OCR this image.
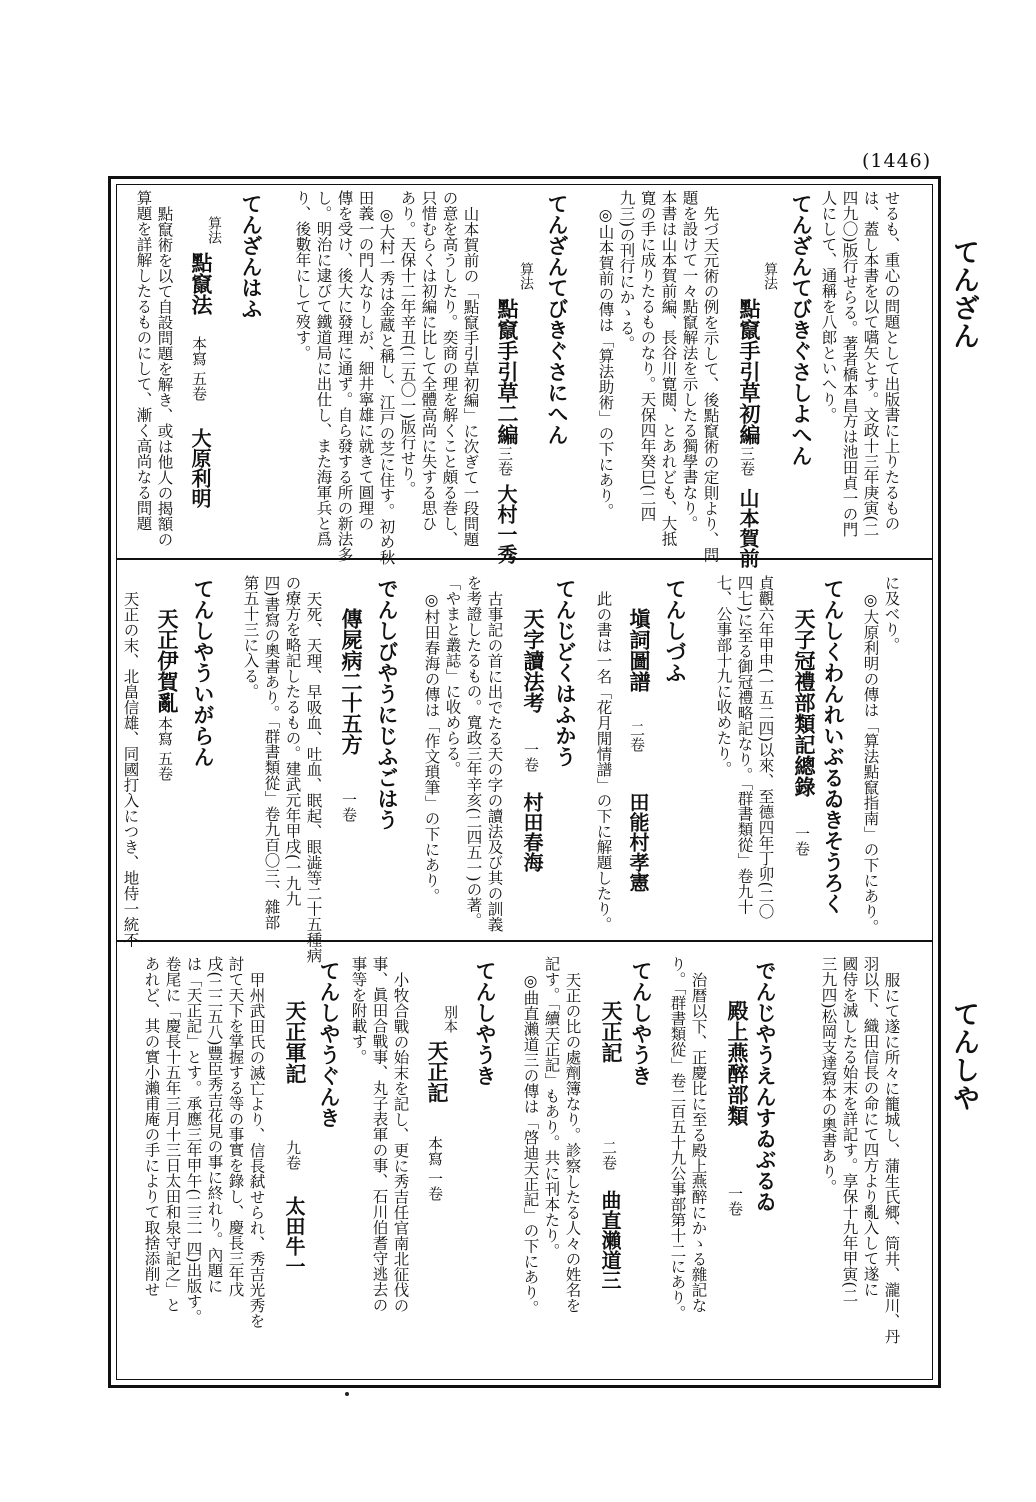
(1446)
てんざん
てんしや
せるも、重心の問題として出版書に上りたるもの
は、蓋し本書を以て嚆矢とす。文政十三年庚寅(二
四九〇)版行せらる。著者橋本昌方は池田貞一の門
人にして、通稱を八郎といへり。
てんざんてびきぐさしよへん
算法
點竄手引草初編
三卷
山本賀前
先づ天元術の例を示して、後點竄術の定則より、問
題を設けて一々點竄解法を示したる獨學書なり。
本書は山本賀前編、長谷川寛閲、とあれども、大抵
寛の手に成りたるものなり。天保四年癸巳(二四
九三)の刊行にかゝる。
◎山本賀前の傳は「算法助術」の下にあり。
てんざんてびきぐさにへん
算法
點竄手引草二編
三卷
大村一秀
山本賀前の「點竄手引草初編」に次ぎて一段問題
の意を高うしたり。奕商の理を解くこと頗る巻し、
只惜むらくは初編に比して全體高尚に失する思ひ
あり。天保十二年辛丑(二五〇一)版行せり。
◎大村一秀は金蔵と稱し、江戸の芝に住す。初め秋
田義一の門人なりしが、細井寧雄に就きて圓理の
傳を受け、後大に發理に通ず。自ら發する所の新法多
し。明治に逮びて鐵道局に出仕し、また海軍兵と爲
り、後數年にして歿す。
てんざんはふ
算法
點竄法
本寫 五卷
大原利明
點竄術を以て自設問題を解き、或は他人の揭額の
算題を詳解したるものにして、漸く高尚なる問題
に及べり。
◎大原利明の傳は「算法點竄指南」の下にあり。
てんしくわんれいぶるゐきそうろく
天子冠禮部類記總錄
一卷
貞觀六年甲申(一五二四)以來、至德四年丁卯(二〇
四七)に至る御冠禮略記なり。「群書類從」卷九十
七、公事部十九に收めたり。
てんしづふ
塡詞圖譜
二卷
田能村孝憲
此の書は一名「花月閒情譜」の下に解題したり。
てんじどくはふかう
天字讀法考
一卷
村田春海
古事記の首に出でたる天の字の讀法及び其の訓義
を考證したるもの。寬政三年辛亥(二四五一)の著。
「やまと叢誌」に收めらる。
◎村田春海の傳は「作文瑣筆」の下にあり。
でんしびやうにじふごはう
傳屍病二十五方
一卷
天死、天理、早吸血、吐血、眠起、眼澁等二十五種病
の療方を略記したるもの。建武元年甲戌(一九九
四)書寫の奧書あり。「群書類從」卷九百〇三、雜部
第五十三に入る。
てんしやういがらん
天正伊賀亂
本寫 五卷
天正の末、北畠信雄、同國打入につき、地侍一統不
服にて遂に所々に籠城し、蒲生氏郷、筒井、瀧川、丹
羽以下、織田信長の命にて四方より亂入して遂に
國侍を滅したる始末を詳記す。享保十九年甲寅(二
三九四)松岡支達寫本の奧書あり。
でんじやうえんすゐぶるゐ
殿上燕醉部類
一卷
治暦以下、正慶比に至る殿上燕醉にかゝる雜記な
り。「群書類從」卷二百五十九公事部第十二にあり。
てんしやうき
天正記
二卷
曲直瀨道三
天正の比の處劑簿なり。診察したる人々の姓名を
記す。「續天正記」もあり。共に刊本たり。
◎曲直瀨道三の傳は「啓迪天正記」の下にあり。
てんしやうき
別本
天正記
本寫 一卷
小牧合戰の始末を記し、更に秀吉任官南北征伐の
事、眞田合戰事、丸子表軍の事、石川伯耆守逃去の
事等を附載す。
てんしやうぐんき
天正軍記
九卷
太田牛一
甲州武田氏の滅亡より、信長弑せられ、秀吉光秀を
討て天下を掌握する等の事實を錄し、慶長三年戊
戌(二二五八)豐臣秀吉花見の事に終れり。內題に
は「天正記」とす。承應三年甲午(二三一四)出版す。
卷尾に「慶長十五年三月十三日太田和泉守記之」と
あれど、其の實小瀨甫庵の手によりて取捨添削せ
